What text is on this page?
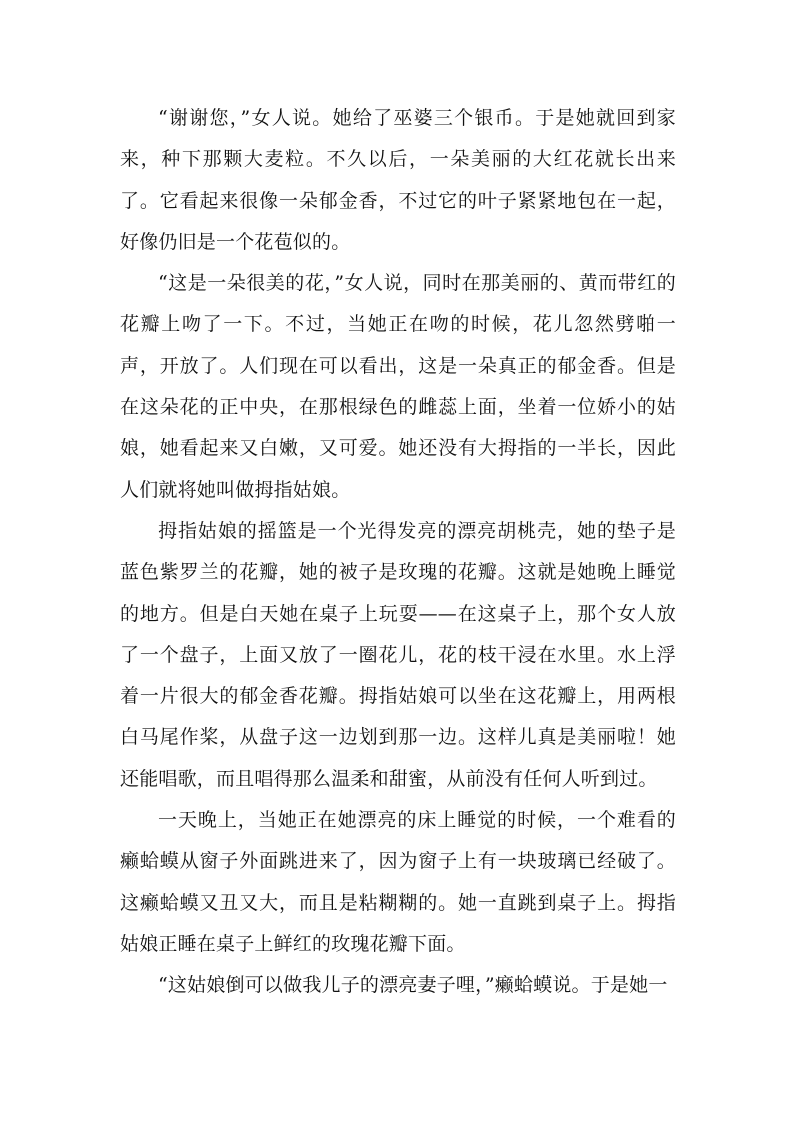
“谢谢您，”女人说。她给了巫婆三个银币。于是她就回到家来，种下那颗大麦粒。不久以后，一朵美丽的大红花就长出来了。它看起来很像一朵郁金香，不过它的叶子紧紧地包在一起，好像仍旧是一个花苞似的。

“这是一朵很美的花，”女人说，同时在那美丽的、黄而带红的花瓣上吻了一下。不过，当她正在吻的时候，花儿忽然劈啪一声，开放了。人们现在可以看出，这是一朵真正的郁金香。但是在这朵花的正中央，在那根绿色的雌蕊上面，坐着一位娇小的姑娘，她看起来又白嫩，又可爱。她还没有大拇指的一半长，因此人们就将她叫做拇指姑娘。

拇指姑娘的摇篮是一个光得发亮的漂亮胡桃壳，她的垫子是蓝色紫罗兰的花瓣，她的被子是玫瑰的花瓣。这就是她晚上睡觉的地方。但是白天她在桌子上玩耍——在这桌子上，那个女人放了一个盘子，上面又放了一圈花儿，花的枝干浸在水里。水上浮着一片很大的郁金香花瓣。拇指姑娘可以坐在这花瓣上，用两根白马尾作桨，从盘子这一边划到那一边。这样儿真是美丽啦！她还能唱歌，而且唱得那么温柔和甜蜜，从前没有任何人听到过。

一天晚上，当她正在她漂亮的床上睡觉的时候，一个难看的癞蛤蟆从窗子外面跳进来了，因为窗子上有一块玻璃已经破了。这癞蛤蟆又丑又大，而且是粘糊糊的。她一直跳到桌子上。拇指姑娘正睡在桌子上鲜红的玫瑰花瓣下面。

“这姑娘倒可以做我儿子的漂亮妻子哩，”癞蛤蟆说。于是她一
